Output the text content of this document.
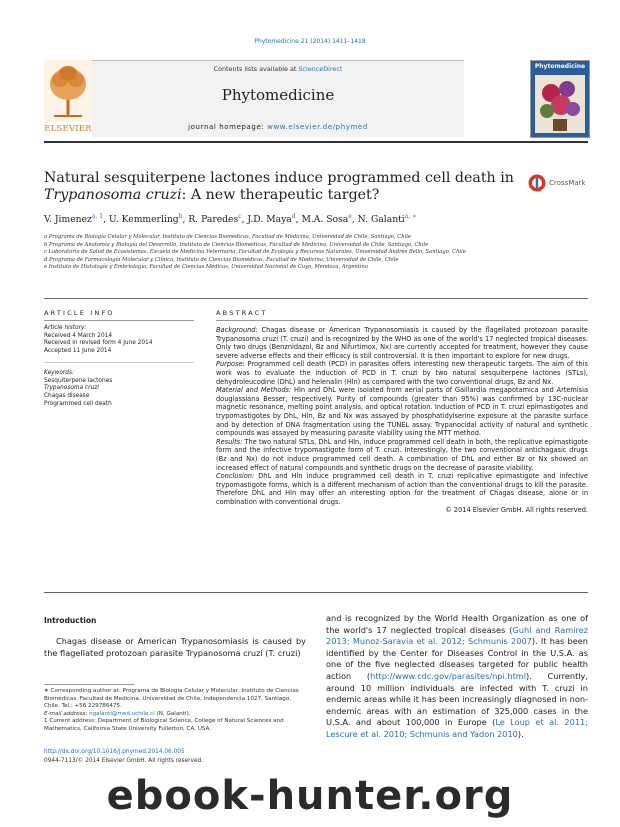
Phytomedicine 21 (2014) 1411–1418
ELSEVIER
Contents lists available at ScienceDirect
Phytomedicine
journal homepage: www.elsevier.de/phymed
Phytomedicine
Natural sesquiterpene lactones induce programmed cell death in
Trypanosoma cruzi: A new therapeutic target?
CrossMark
V. Jimenez$^{a, 1}$, U. Kemmerling$^b$, R. Paredes$^c$, J.D. Maya$^d$, M.A. Sosa$^e$, N. Galanti$^{a, ∗}$
a Programa de Biología Celular y Molecular, Instituto de Ciencias Biomédicas, Facultad de Medicina, Universidad de Chile, Santiago, Chile
b Programa de Anatomía y Biología del Desarrollo, Instituto de Ciencias Biomédicas, Facultad de Medicina, Universidad de Chile, Santiago, Chile
c Laboratorio de Salud de Ecosistemas, Escuela de Medicina Veterinaria, Facultad de Ecología y Recursos Naturales, Universidad Andrés Bello, Santiago, Chile
d Programa de Farmacología Molecular y Clínica, Instituto de Ciencias Biomédicas, Facultad de Medicina, Universidad de Chile, Chile
e Instituto de Histología y Embriología, Facultad de Ciencias Médicas, Universidad Nacional de Cuyo, Mendoza, Argentina
ARTICLE INFO	ABSTRACT
Article history:
Received 4 March 2014
Received in revised form 4 June 2014
Accepted 11 June 2014
Keywords:
Sesquiterpene lactones
Trypanosoma cruzi
Chagas disease
Programmed cell death

Background: Chagas disease or American Trypanosomiasis is caused by the flagellated protozoan parasite Trypanosoma cruzi (T. cruzi) and is recognized by the WHO as one of the world's 17 neglected tropical diseases. Only two drugs (Benznidazol, Bz and Nifurtimox, Nx) are currently accepted for treatment, however they cause severe adverse effects and their efficacy is still controversial. It is then important to explore for new drugs.

Purpose: Programmed cell death (PCD) in parasites offers interesting new therapeutic targets. The aim of this work was to evaluate the induction of PCD in T. cruzi by two natural sesquiterpene lactones (STLs), dehydroleucodine (DhL) and helenalin (Hln) as compared with the two conventional drugs, Bz and Nx.

Material and Methods: Hln and DhL were isolated from aerial parts of Gaillardia megapotamica and Artemisia douglassiana Besser, respectively. Purity of compounds (greater than 95%) was confirmed by 13C-nuclear magnetic resonance, melting point analysis, and optical rotation. Induction of PCD in T. cruzi epimastigotes and trypomastigotes by DhL, Hln, Bz and Nx was assayed by phosphatidylserine exposure at the parasite surface and by detection of DNA fragmentation using the TUNEL assay. Trypanocidal activity of natural and synthetic compounds was assayed by measuring parasite viability using the MTT method.

Results: The two natural STLs, DhL and Hln, induce programmed cell death in both, the replicative epimastigote form and the infective trypomastigote form of T. cruzi. Interestingly, the two conventional antichagasic drugs (Bz and Nx) do not induce programmed cell death. A combination of DhL and either Bz or Nx showed an increased effect of natural compounds and synthetic drugs on the decrease of parasite viability.

Conclusion: DhL and Hln induce programmed cell death in T. cruzi replicative epimastigote and infective trypomastigote forms, which is a different mechanism of action than the conventional drugs to kill the parasite. Therefore DhL and Hln may offer an interesting option for the treatment of Chagas disease, alone or in combination with conventional drugs.

© 2014 Elsevier GmbH. All rights reserved.

Introduction
Chagas disease or American Trypanosomiasis is caused by the flagellated protozoan parasite Trypanosoma cruzi (T. cruzi)
and is recognized by the World Health Organization as one of the world's 17 neglected tropical diseases (Guhl and Ramirez 2013; Munoz-Saravia et al. 2012; Schmunis 2007). It has been identified by the Center for Diseases Control in the U.S.A. as one of the five neglected diseases targeted for public health action (http://www.cdc.gov/parasites/npi.html). Currently, around 10 million individuals are infected with T. cruzi in endemic areas while it has been increasingly diagnosed in non-endemic areas with an estimation of 325,000 cases in the U.S.A. and about 100,000 in Europe (Le Loup et al. 2011; Lescure et al. 2010; Schmunis and Yadon 2010).
∗ Corresponding author at: Programa de Biología Celular y Molecular, Instituto de Ciencias Biomédicas, Facultad de Medicina, Universidad de Chile, Independencia 1027, Santiago, Chile. Tel.: +56 229786475.
E-mail address: ngalanti@med.uchile.cl (N. Galanti).
1 Current address: Department of Biological Science, College of Natural Sciences and Mathematics, California State University Fullerton, CA, USA.
http://dx.doi.org/10.1016/j.phymed.2014.06.005
0944-7113/© 2014 Elsevier GmbH. All rights reserved.
ebook-hunter.org
